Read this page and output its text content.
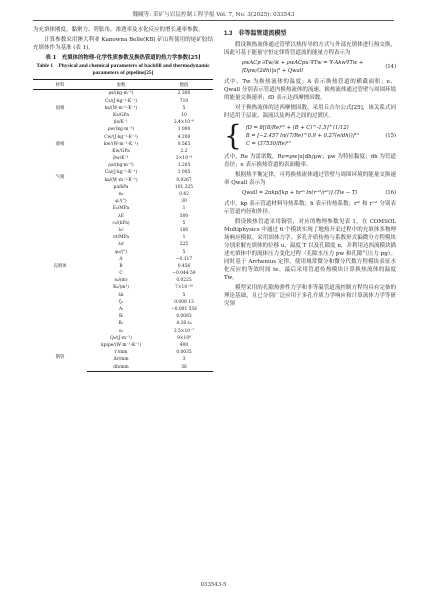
魏曦等: 采矿与岩层控制工程学报 Vol. 7, No. 3(2025): 033543

为充填体刚度、黏聚力、剪胀角、渗透率及水化反应的增长速率参数。

计算参数采用澳大利亚 Kanowna Belle(KB) 矿山所使用的尾矿胶结充填体作为基准 (表 1)。

表 1　充填体的物理-化学性质参数及换热管道的热力学参数[25]
Table 1　Physical and chemical parameters of backfill and thermodynamic parameters of pipeline[25]
材料	参数	数值
固相	ρs/(kg·m⁻³)	2 300
	Cs/(J·kg⁻¹·K⁻¹)	710
	ks/(W·m⁻¹·K⁻¹)	5
	Ks/GPa	10
	βs/K⁻¹	2.4×10⁻⁶
液相	ρw/(kg·m⁻³)	1 000
	Cw/(J·kg⁻¹·K⁻¹)	4 200
	kw/(W·m⁻¹·K⁻¹)	0.565
	Kw/GPa	2.2
	βw/K⁻¹	2×10⁻⁴
气相	ρa/(kg·m⁻³)	1.205
	Ca/(J·kg⁻¹·K⁻¹)	1 005
	ka/(W·m⁻¹·K⁻¹)	0.0267
	pa/kPa	101.325
充填体	n₀	0.42
	φ′/(°)	30
	E₀/MPa	1
	λE	300
	c₀/(kPa)	5
	λc	100
	σt/MPa	1
	λσ	225
	ψ₀/(°)	5
	A	−0.117
	B	0.456
	C	−0.044 59
	s₀/(m)	0.0225
	K₀/(m²)	7×10⁻¹⁸
	λk	5
	ζ₀	0.008 13
	Aᵢ	−0.001 556
	Bᵢ	0.0083
	Bₙ	4.26 ε₀
	ε₀	2.5×10⁻⁷
	Q₀/(J·m⁻³)	9×10⁸
钢管	kpipe/(W·m⁻¹·K⁻¹)	400
	r′/mm	0.0035
	Δr/mm	3
	dh/mm	36
1.3　非等温管道流模型

假设换热流体通过管壁以热传导的方式与外部充填体进行热交换，因此可基于能量守恒定律将管道流的能量方程表示为

ρwACp ∂Tw/∂t + ρwACpu·∇Tw = ∇·Akw∇Tw + fDρw/(2dh)|u|³ + Qwall
(14)

式中，Tw 为换热流体的温度；A 表示换热管道的横截面积；u、Qwall 分别表示管道内换热流体的流速、换热流体通过管壁与周围环境的能量交换速率；fD 表示达西摩擦因数。

对于换热流体的达西摩擦因数，采用丘吉尔公式[25]，该关系式同时适用于层流、湍流以及两者之间的过渡区。

{ fD = 8[(8/Re)¹² + (B + C)^-1.5]^(1/12)
B = [−2.457 ln((7/Re)^0.9 + 0.27(e/dh))]¹⁶
C = (37530/Re)¹⁶
(15)

式中，Re 为雷诺数，Re=ρw|u|dh/μw；μw 为特征黏度；dh 为管道直径；e 表示换热管道的表面糙率。

根据热平衡定律，可将换热流体通过管壁与周围环境的能量交换速率 Qwall 表示为

Qwall = 2πkp/[kp + hrⁱⁿ ln(rᵒᵘᵗ/rⁱⁿ)] (Tw − T)	(16)

式中，kp 表示管道材料导热系数；h 表示传热系数；rⁱⁿ 和 rᵒᵘᵗ 分别表示管道内径和外径。

假设换热管道采用铜管，对应的物理参数见表 1。在 COMSOL Multiphysics 中通过 6 个模块实现了地热开采过程中的充填体多物理场响应模拟。采用固体力学、多孔介质传热与系数形式偏微分方程模块分别求解充填体的位移 u、温度 T 以及孔隙度 n，并利用达西流模块描述充填体中的流体压力变化过程（孔隙水压力 pw 和孔隙气压力 pg）。同时基于 Arrhenius 定律，使用域常微分和微分代数方程模块表征水化反应的等效时间 te。最后采用管道传热模块计算换热流体的温度 Tw。

模型采用的孔隙热弹性力学和非等温管道流控制方程均具有完备的理论基础，且已分别广泛应用于多孔介质力学响应和计算流体力学等研究领

033543-5
